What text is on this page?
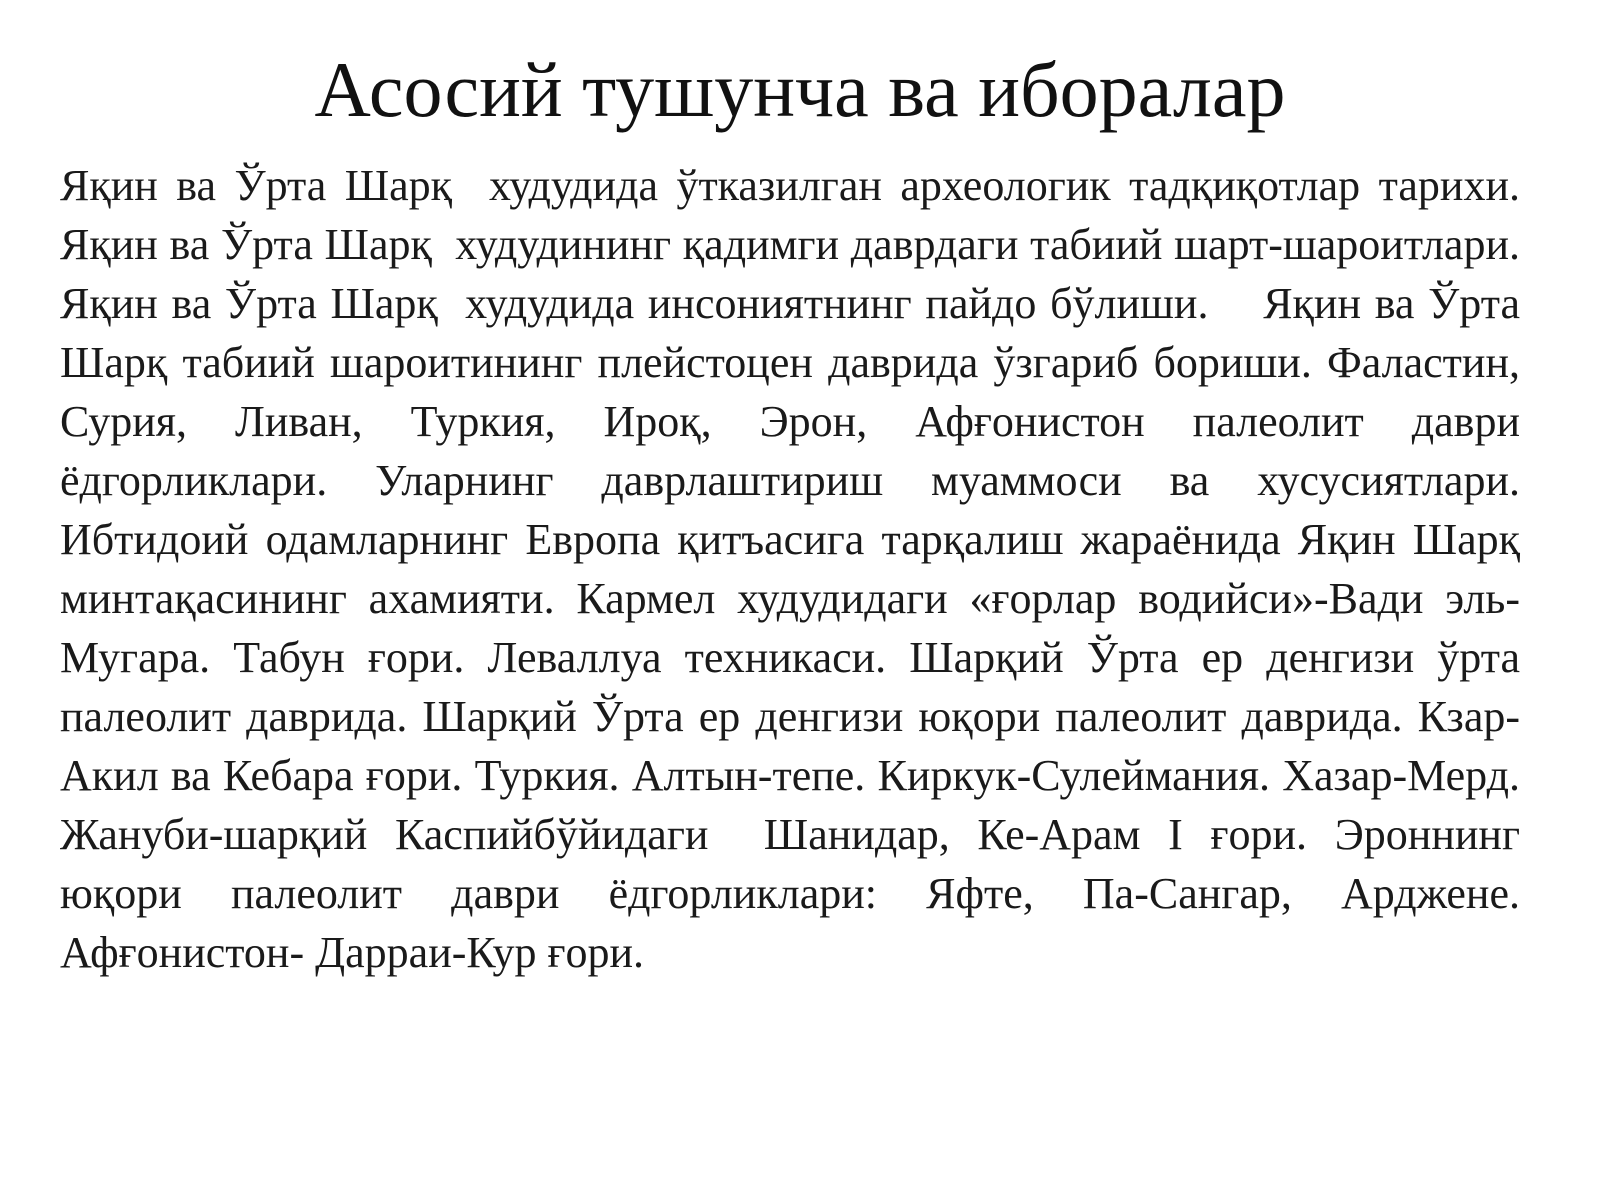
Асосий тушунча ва иборалар

Яқин ва Ўрта Шарқ  худудида ўтказилган археологик тадқиқотлар тарихи. Яқин ва Ўрта Шарқ  худудининг қадимги даврдаги табиий шарт-шароитлари. Яқин ва Ўрта Шарқ  худудида инсониятнинг пайдо бўлиши.    Яқин ва Ўрта Шарқ табиий шароитининг плейстоцен даврида ўзгариб бориши. Фаластин, Сурия, Ливан, Туркия, Ироқ, Эрон, Афғонистон палеолит даври ёдгорликлари. Уларнинг даврлаштириш муаммоси ва хусусиятлари. Ибтидоий одамларнинг Европа қитъасига тарқалиш жараёнида Яқин Шарқ минтақасининг ахамияти. Кармел худудидаги «ғорлар водийси»-Вади эль-Мугара. Табун ғори. Леваллуа техникаси. Шарқий Ўрта ер денгизи ўрта палеолит даврида. Шарқий Ўрта ер денгизи юқори палеолит даврида. Кзар-Акил ва Кебара ғори. Туркия. Алтын-тепе. Киркук-Сулеймания. Хазар-Мерд. Жануби-шарқий Каспийбўйидаги  Шанидар, Ке-Арам I ғори. Эроннинг юқори палеолит даври ёдгорликлари: Яфте, Па-Сангар, Арджене. Афғонистон- Дарраи-Кур ғори.
